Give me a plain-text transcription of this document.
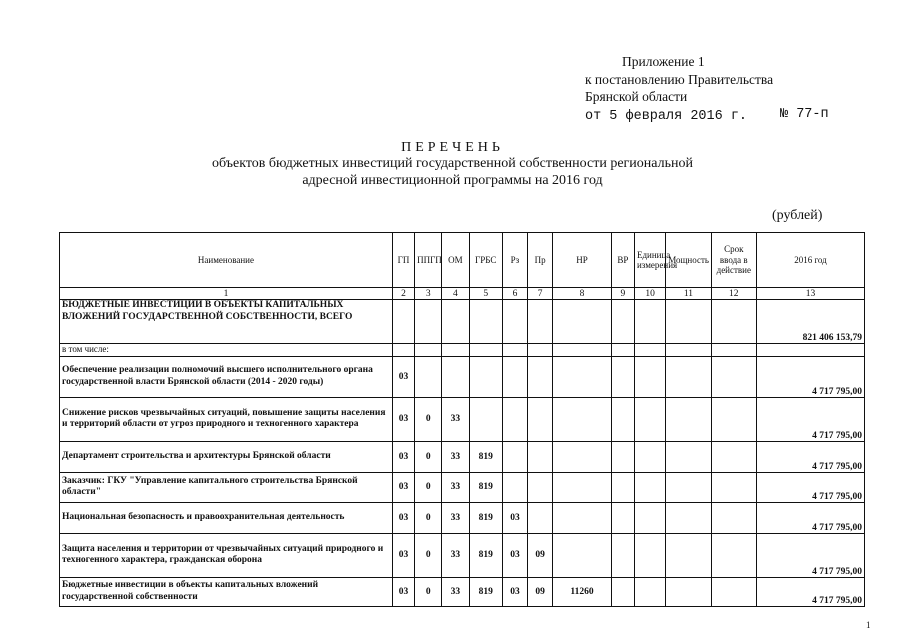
Приложение 1
к постановлению Правительства
Брянской области
от 5 февраля 2016 г. № 77-п
ПЕРЕЧЕНЬ
объектов бюджетных инвестиций государственной собственности региональной
адресной инвестиционной программы на 2016 год
(рублей)
Наименование	ГП	ППГП	ОМ	ГРБС	Рз	Пр	НР	ВР	Единица измерения	Мощность	Срок ввода в действие	2016 год
1	2	3	4	5	6	7	8	9	10	11	12	13
БЮДЖЕТНЫЕ ИНВЕСТИЦИИ В ОБЪЕКТЫ КАПИТАЛЬНЫХ ВЛОЖЕНИЙ ГОСУДАРСТВЕННОЙ СОБСТВЕННОСТИ, ВСЕГО												821 406 153,79
в том числе:												
Обеспечение реализации полномочий высшего исполнительного органа государственной власти Брянской области (2014 - 2020 годы)	03											4 717 795,00
Снижение рисков чрезвычайных ситуаций, повышение защиты населения и территорий области от угроз природного и техногенного характера	03	0	33									4 717 795,00
Департамент строительства и архитектуры Брянской области	03	0	33	819								4 717 795,00
Заказчик: ГКУ "Управление капитального строительства Брянской области"	03	0	33	819								4 717 795,00
Национальная безопасность и правоохранительная деятельность	03	0	33	819	03							4 717 795,00
Защита населения и территории от чрезвычайных ситуаций природного и техногенного характера, гражданская оборона	03	0	33	819	03	09						4 717 795,00
Бюджетные инвестиции в объекты капитальных вложений государственной собственности	03	0	33	819	03	09	11260					4 717 795,00
1
